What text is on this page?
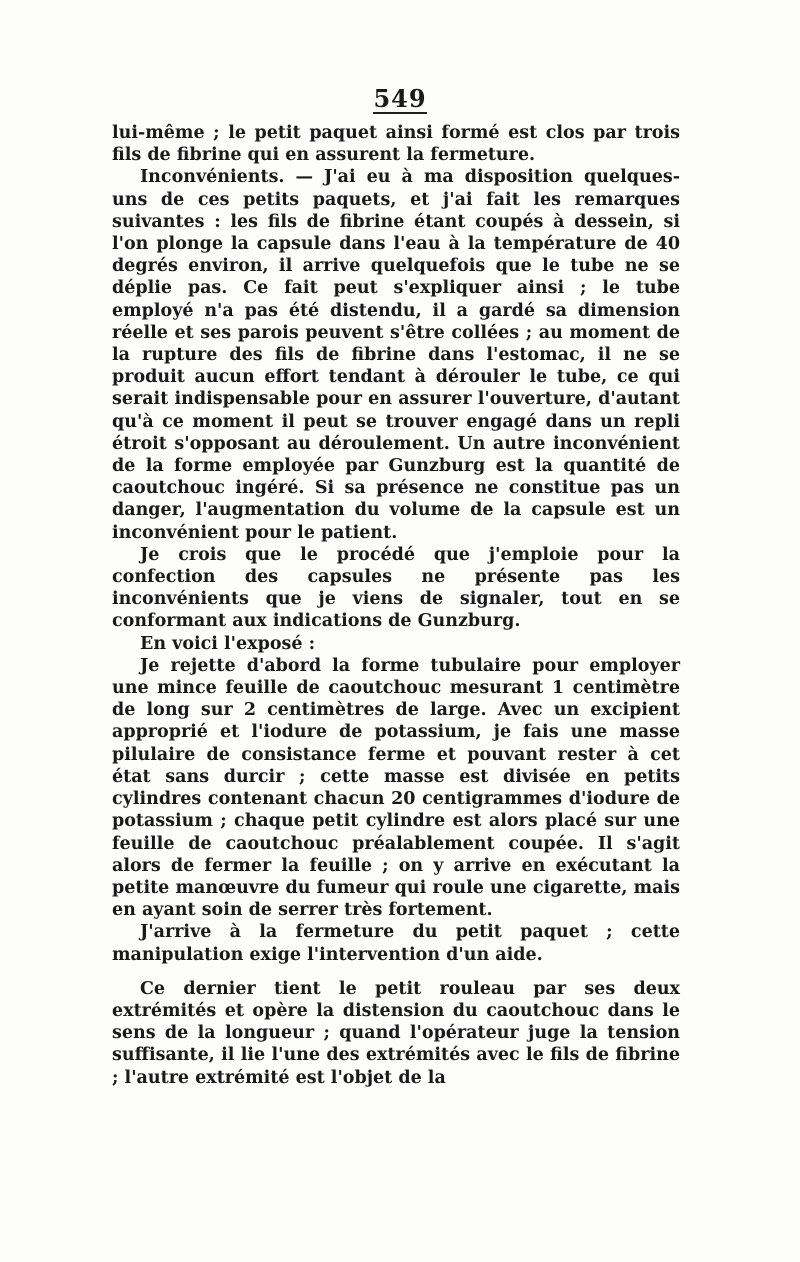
549

lui-même ; le petit paquet ainsi formé est clos par trois fils de fibrine qui en assurent la fermeture.

Inconvénients. — J'ai eu à ma disposition quelques-uns de ces petits paquets, et j'ai fait les remarques suivantes : les fils de fibrine étant coupés à dessein, si l'on plonge la capsule dans l'eau à la température de 40 degrés environ, il arrive quelquefois que le tube ne se déplie pas. Ce fait peut s'expliquer ainsi ; le tube employé n'a pas été distendu, il a gardé sa dimension réelle et ses parois peuvent s'être collées ; au moment de la rupture des fils de fibrine dans l'estomac, il ne se produit aucun effort tendant à dérouler le tube, ce qui serait indispensable pour en assurer l'ouverture, d'autant qu'à ce moment il peut se trouver engagé dans un repli étroit s'opposant au déroulement. Un autre inconvénient de la forme employée par Gunzburg est la quantité de caoutchouc ingéré. Si sa présence ne constitue pas un danger, l'augmentation du volume de la capsule est un inconvénient pour le patient.

Je crois que le procédé que j'emploie pour la confection des capsules ne présente pas les inconvénients que je viens de signaler, tout en se conformant aux indications de Gunzburg.

En voici l'exposé :

Je rejette d'abord la forme tubulaire pour employer une mince feuille de caoutchouc mesurant 1 centimètre de long sur 2 centimètres de large. Avec un excipient approprié et l'iodure de potassium, je fais une masse pilulaire de consistance ferme et pouvant rester à cet état sans durcir ; cette masse est divisée en petits cylindres contenant chacun 20 centigrammes d'iodure de potassium ; chaque petit cylindre est alors placé sur une feuille de caoutchouc préalablement coupée. Il s'agit alors de fermer la feuille ; on y arrive en exécutant la petite manœuvre du fumeur qui roule une cigarette, mais en ayant soin de serrer très fortement.

J'arrive à la fermeture du petit paquet ; cette manipulation exige l'intervention d'un aide.

Ce dernier tient le petit rouleau par ses deux extrémités et opère la distension du caoutchouc dans le sens de la longueur ; quand l'opérateur juge la tension suffisante, il lie l'une des extrémités avec le fils de fibrine ; l'autre extrémité est l'objet de la
